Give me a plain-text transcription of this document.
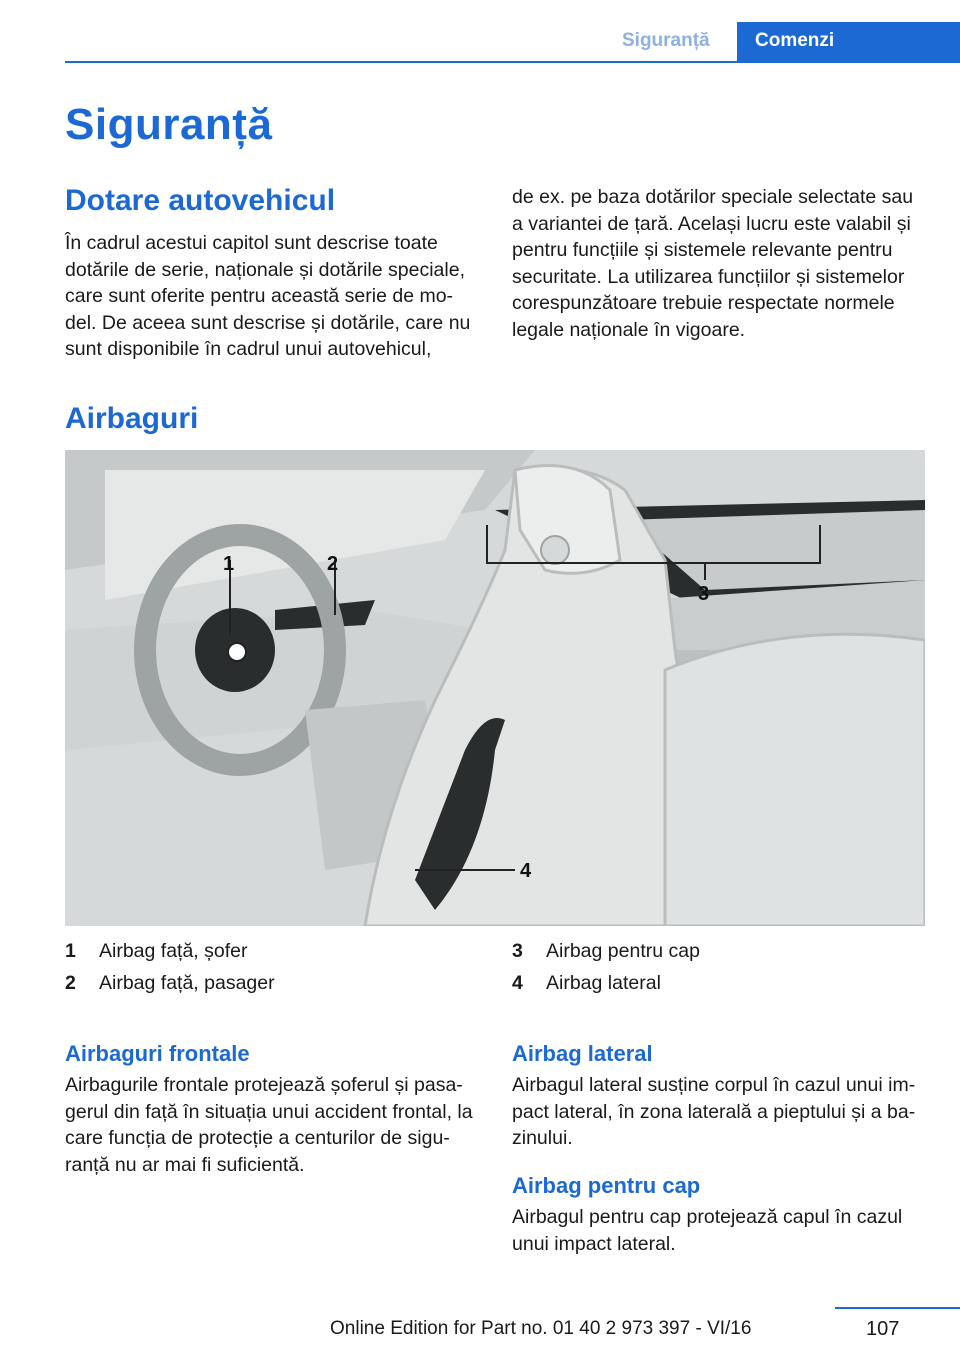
Siguranță Comenzi
Siguranță
Dotare autovehicul

În cadrul acestui capitol sunt descrise toate dotările de serie, naționale și dotările speciale, care sunt oferite pentru această serie de mo-del. De aceea sunt descrise și dotările, care nu sunt disponibile în cadrul unui autovehicul,

de ex. pe baza dotărilor speciale selectate sau a variantei de țară. Același lucru este valabil și pentru funcțiile și sistemele relevante pentru securitate. La utilizarea funcțiilor și sistemelor corespunzătoare trebuie respectate normele legale naționale în vigoare.

Airbaguri
1	2
3
4
1	Airbag față, șofer
2	Airbag față, pasager
3	Airbag pentru cap
4	Airbag lateral
Airbaguri frontale

Airbagurile frontale protejează șoferul și pasa-gerul din față în situația unui accident frontal, la care funcția de protecție a centurilor de sigu-ranță nu ar mai fi suficientă.

Airbag lateral

Airbagul lateral susține corpul în cazul unui im-pact lateral, în zona laterală a pieptului și a ba-zinului.

Airbag pentru cap

Airbagul pentru cap protejează capul în cazul unui impact lateral.

107
Online Edition for Part no. 01 40 2 973 397 - VI/16
